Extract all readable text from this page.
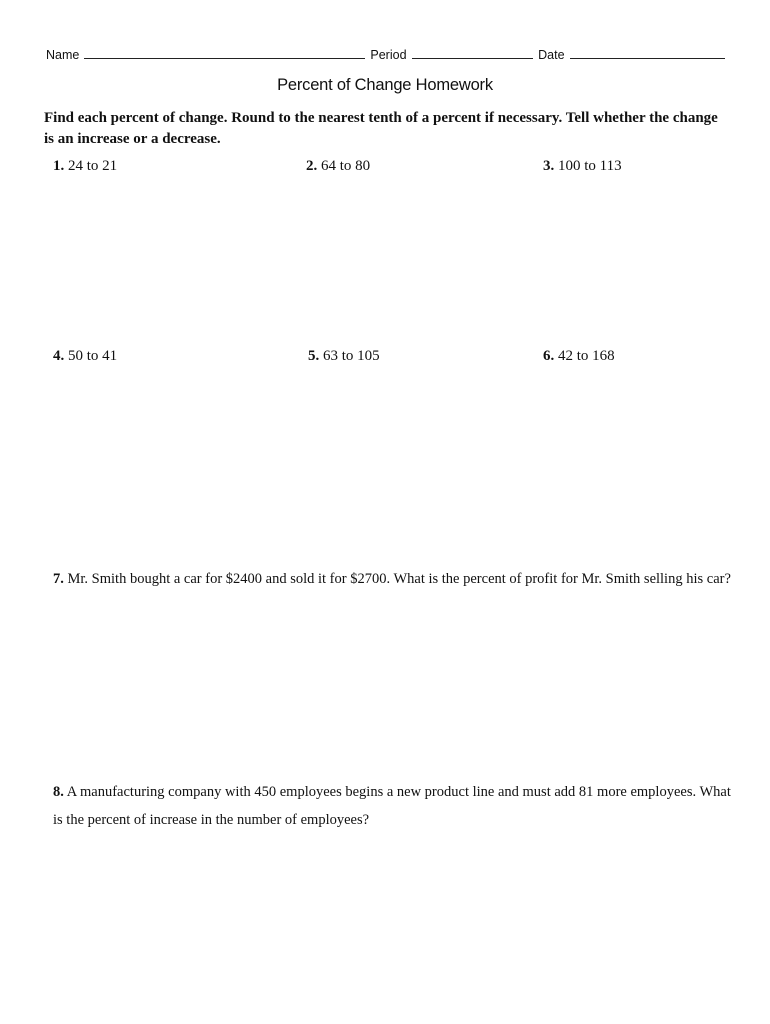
Name	Period	Date
Percent of Change Homework
Find each percent of change. Round to the nearest tenth of a percent if necessary. Tell whether the change is an increase or a decrease.
1. 24 to 21	2. 64 to 80	3. 100 to 113
4. 50 to 41	5. 63 to 105	6. 42 to 168
7. Mr. Smith bought a car for $2400 and sold it for $2700. What is the percent of profit for Mr. Smith selling his car?
8. A manufacturing company with 450 employees begins a new product line and must add 81 more employees. What is the percent of increase in the number of employees?
